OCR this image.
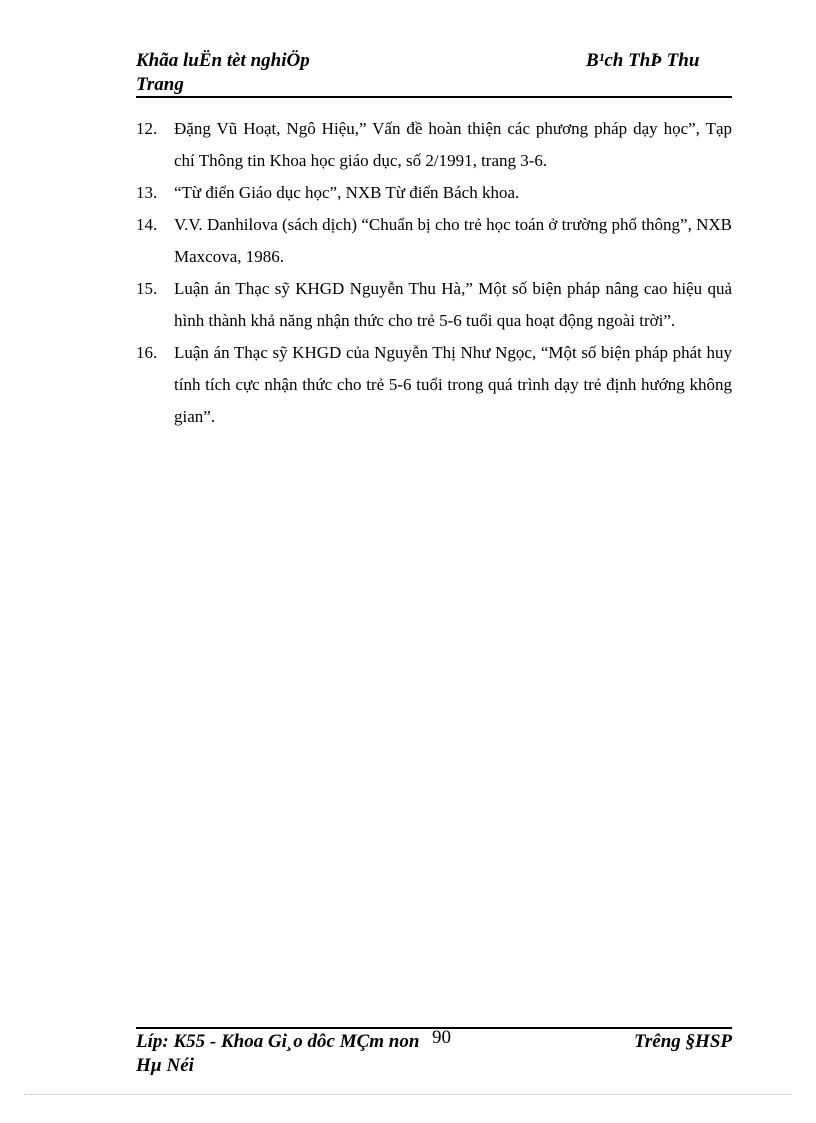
Khãa luËn tèt nghiÖp	B¹ch ThÞ Thu
Trang
12. Đặng Vũ Hoạt, Ngô Hiệu,” Vấn đề hoàn thiện các phương pháp dạy học”, Tạp chí Thông tin Khoa học giáo dục, số 2/1991, trang 3-6.
13. “Từ điển Giáo dục học”, NXB Từ điển Bách khoa.
14. V.V. Danhilova (sách dịch) “Chuẩn bị cho trẻ học toán ở trường phổ thông”, NXB Maxcova, 1986.
15. Luận án Thạc sỹ KHGD Nguyễn Thu Hà,” Một số biện pháp nâng cao hiệu quả hình thành khả năng nhận thức cho trẻ 5-6 tuổi qua hoạt động ngoài trời”.
16. Luận án Thạc sỹ KHGD của Nguyễn Thị Như Ngọc, “Một số biện pháp phát huy tính tích cực nhận thức cho trẻ 5-6 tuổi trong quá trình dạy trẻ định hướng không gian”.
Líp: K55 - Khoa Gi¸o dôc MÇm non 90	Trêng §HSP
Hµ Néi
